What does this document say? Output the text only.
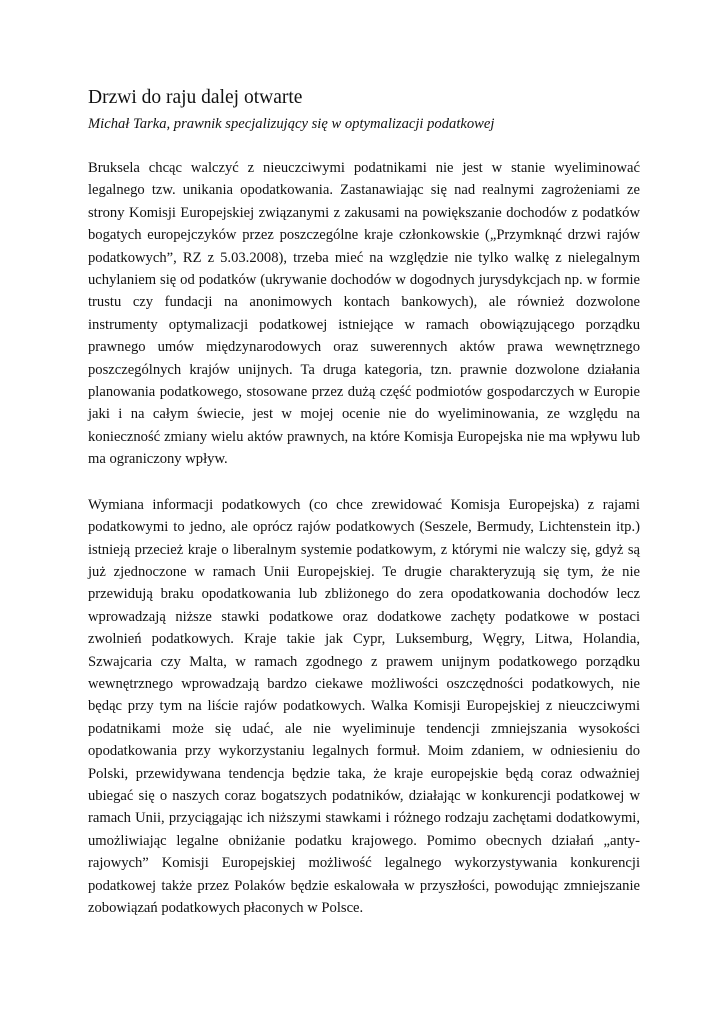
Drzwi do raju dalej otwarte
Michał Tarka, prawnik specjalizujący się w optymalizacji podatkowej

Bruksela chcąc walczyć z nieuczciwymi podatnikami nie jest w stanie wyeliminować legalnego tzw. unikania opodatkowania. Zastanawiając się nad realnymi zagrożeniami ze strony Komisji Europejskiej związanymi z zakusami na powiększanie dochodów z podatków bogatych europejczyków przez poszczególne kraje członkowskie („Przymknąć drzwi rajów podatkowych”, RZ z 5.03.2008), trzeba mieć na względzie nie tylko walkę z nielegalnym uchylaniem się od podatków (ukrywanie dochodów w dogodnych jurysdykcjach np. w formie trustu czy fundacji na anonimowych kontach bankowych), ale również dozwolone instrumenty optymalizacji podatkowej istniejące w ramach obowiązującego porządku prawnego umów międzynarodowych oraz suwerennych aktów prawa wewnętrznego poszczególnych krajów unijnych. Ta druga kategoria, tzn. prawnie dozwolone działania planowania podatkowego, stosowane przez dużą część podmiotów gospodarczych w Europie jaki i na całym świecie, jest w mojej ocenie nie do wyeliminowania, ze względu na konieczność zmiany wielu aktów prawnych, na które Komisja Europejska nie ma wpływu lub ma ograniczony wpływ.

Wymiana informacji podatkowych (co chce zrewidować Komisja Europejska) z rajami podatkowymi to jedno, ale oprócz rajów podatkowych (Seszele, Bermudy, Lichtenstein itp.) istnieją przecież kraje o liberalnym systemie podatkowym, z którymi nie walczy się, gdyż są już zjednoczone w ramach Unii Europejskiej. Te drugie charakteryzują się tym, że nie przewidują braku opodatkowania lub zbliżonego do zera opodatkowania dochodów lecz wprowadzają niższe stawki podatkowe oraz dodatkowe zachęty podatkowe w postaci zwolnień podatkowych. Kraje takie jak Cypr, Luksemburg, Węgry, Litwa, Holandia, Szwajcaria czy Malta, w ramach zgodnego z prawem unijnym podatkowego porządku wewnętrznego wprowadzają bardzo ciekawe możliwości oszczędności podatkowych, nie będąc przy tym na liście rajów podatkowych. Walka Komisji Europejskiej z nieuczciwymi podatnikami może się udać, ale nie wyeliminuje tendencji zmniejszania wysokości opodatkowania przy wykorzystaniu legalnych formuł. Moim zdaniem, w odniesieniu do Polski, przewidywana tendencja będzie taka, że kraje europejskie będą coraz odważniej ubiegać się o naszych coraz bogatszych podatników, działając w konkurencji podatkowej w ramach Unii, przyciągając ich niższymi stawkami i różnego rodzaju zachętami dodatkowymi, umożliwiając legalne obniżanie podatku krajowego. Pomimo obecnych działań „anty-rajowych” Komisji Europejskiej możliwość legalnego wykorzystywania konkurencji podatkowej także przez Polaków będzie eskalowała w przyszłości, powodując zmniejszanie zobowiązań podatkowych płaconych w Polsce.
